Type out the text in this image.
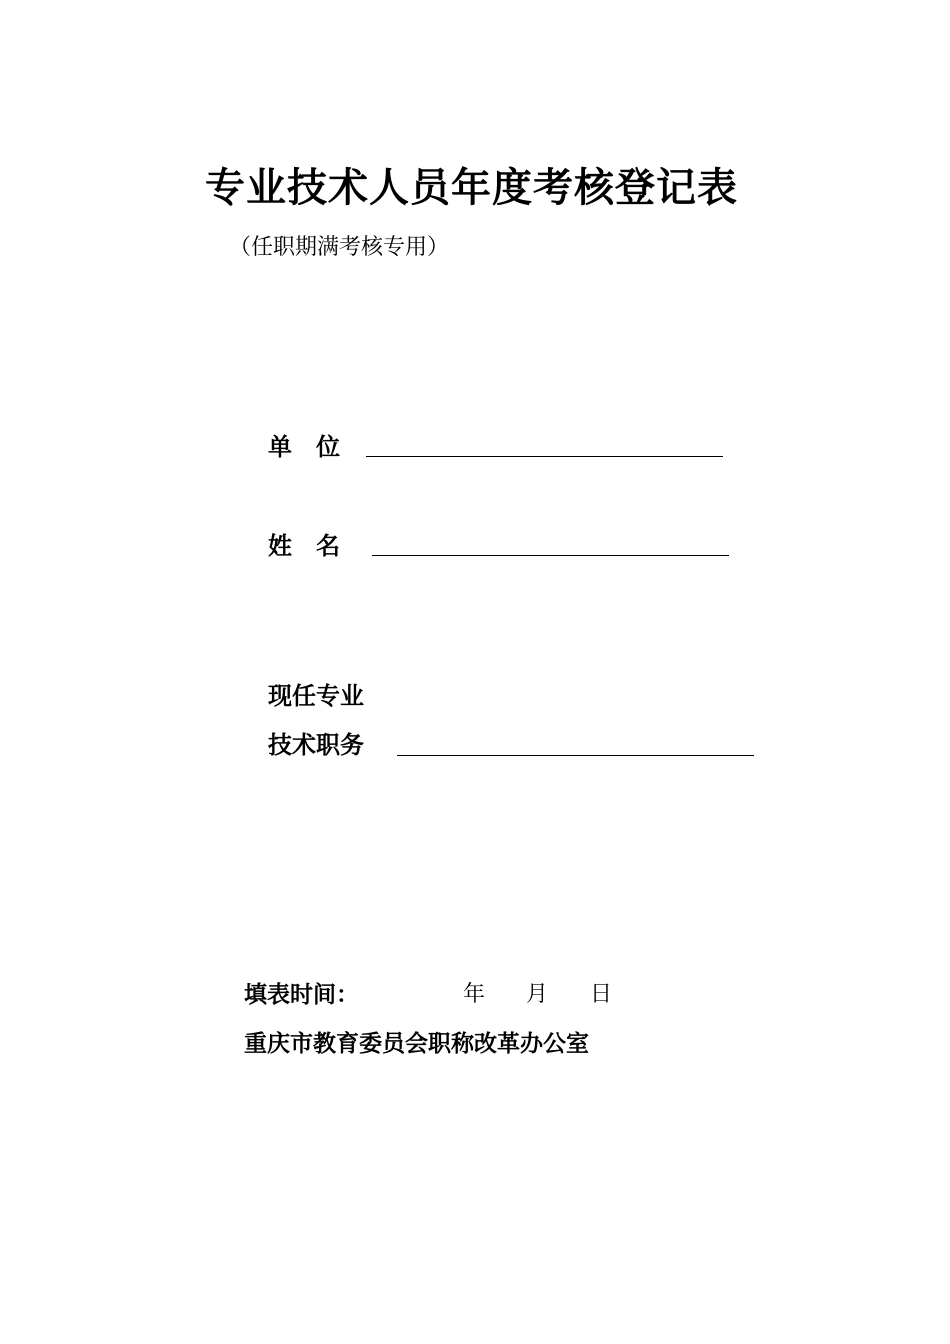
专业技术人员年度考核登记表
（任职期满考核专用）
单　位
姓　名
现任专业
技术职务
填表时间：	年 月 日
重庆市教育委员会职称改革办公室
